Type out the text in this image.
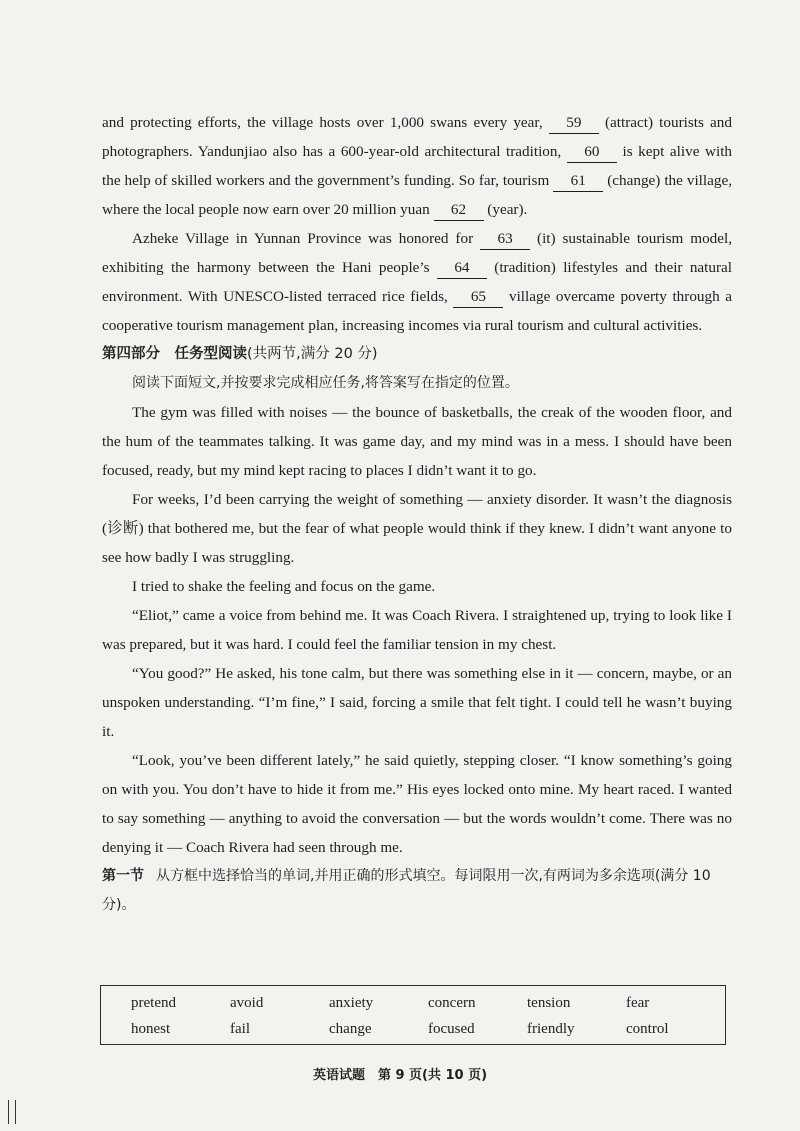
and protecting efforts, the village hosts over 1,000 swans every year, 59 (attract) tourists and photographers. Yandunjiao also has a 600-year-old architectural tradition, 60 is kept alive with the help of skilled workers and the government’s funding. So far, tourism 61 (change) the village, where the local people now earn over 20 million yuan 62 (year).

Azheke Village in Yunnan Province was honored for 63 (it) sustainable tourism model, exhibiting the harmony between the Hani people’s 64 (tradition) lifestyles and their natural environment. With UNESCO-listed terraced rice fields, 65 village overcame poverty through a cooperative tourism management plan, increasing incomes via rural tourism and cultural activities.

第四部分　任务型阅读(共两节,满分 20 分)
阅读下面短文,并按要求完成相应任务,将答案写在指定的位置。

The gym was filled with noises — the bounce of basketballs, the creak of the wooden floor, and the hum of the teammates talking. It was game day, and my mind was in a mess. I should have been focused, ready, but my mind kept racing to places I didn’t want it to go.

For weeks, I’d been carrying the weight of something — anxiety disorder. It wasn’t the diagnosis (诊断) that bothered me, but the fear of what people would think if they knew. I didn’t want anyone to see how badly I was struggling.

I tried to shake the feeling and focus on the game.

“Eliot,” came a voice from behind me. It was Coach Rivera. I straightened up, trying to look like I was prepared, but it was hard. I could feel the familiar tension in my chest.

“You good?” He asked, his tone calm, but there was something else in it — concern, maybe, or an unspoken understanding. “I’m fine,” I said, forcing a smile that felt tight. I could tell he wasn’t buying it.

“Look, you’ve been different lately,” he said quietly, stepping closer. “I know something’s going on with you. You don’t have to hide it from me.” His eyes locked onto mine. My heart raced. I wanted to say something — anything to avoid the conversation — but the words wouldn’t come. There was no denying it — Coach Rivera had seen through me.

第一节 从方框中选择恰当的单词,并用正确的形式填空。每词限用一次,有两词为多余选项(满分 10 分)。
pretend	avoid	anxiety	concern	tension	fear
honest	fail	change	focused	friendly	control
英语试题　第 9 页(共 10 页)
